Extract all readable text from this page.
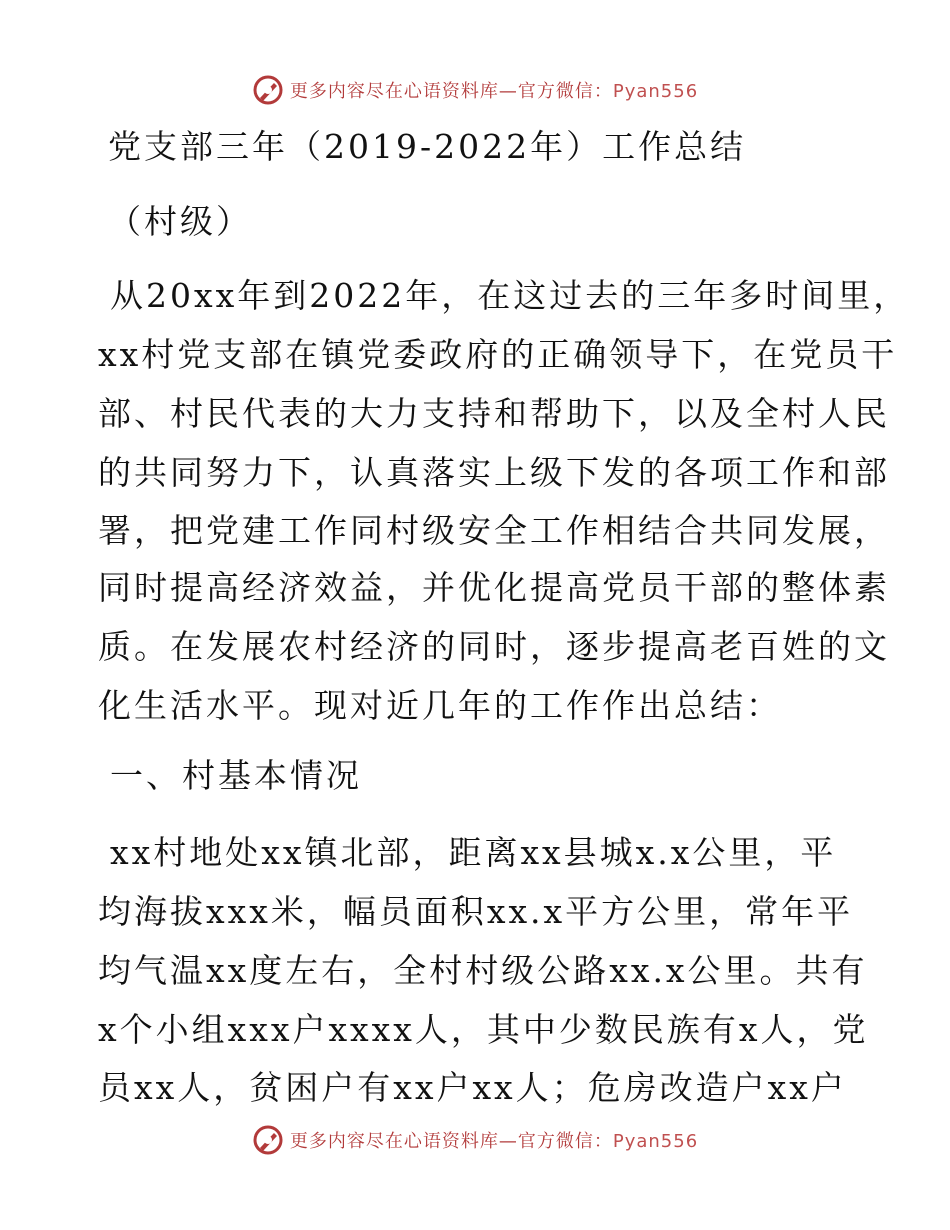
更多内容尽在心语资料库—官方微信：Pyan556
党支部三年（2019-2022年）工作总结
（村级）
从20xx年到2022年，在这过去的三年多时间里，
xx村党支部在镇党委政府的正确领导下，在党员干
部、村民代表的大力支持和帮助下，以及全村人民
的共同努力下，认真落实上级下发的各项工作和部
署，把党建工作同村级安全工作相结合共同发展，
同时提高经济效益，并优化提高党员干部的整体素
质。在发展农村经济的同时，逐步提高老百姓的文
化生活水平。现对近几年的工作作出总结：
一、村基本情况
xx村地处xx镇北部，距离xx县城x.x公里，平
均海拔xxx米，幅员面积xx.x平方公里，常年平
均气温xx度左右，全村村级公路xx.x公里。共有
x个小组xxx户xxxx人，其中少数民族有x人，党
员xx人，贫困户有xx户xx人；危房改造户xx户
更多内容尽在心语资料库—官方微信：Pyan556
